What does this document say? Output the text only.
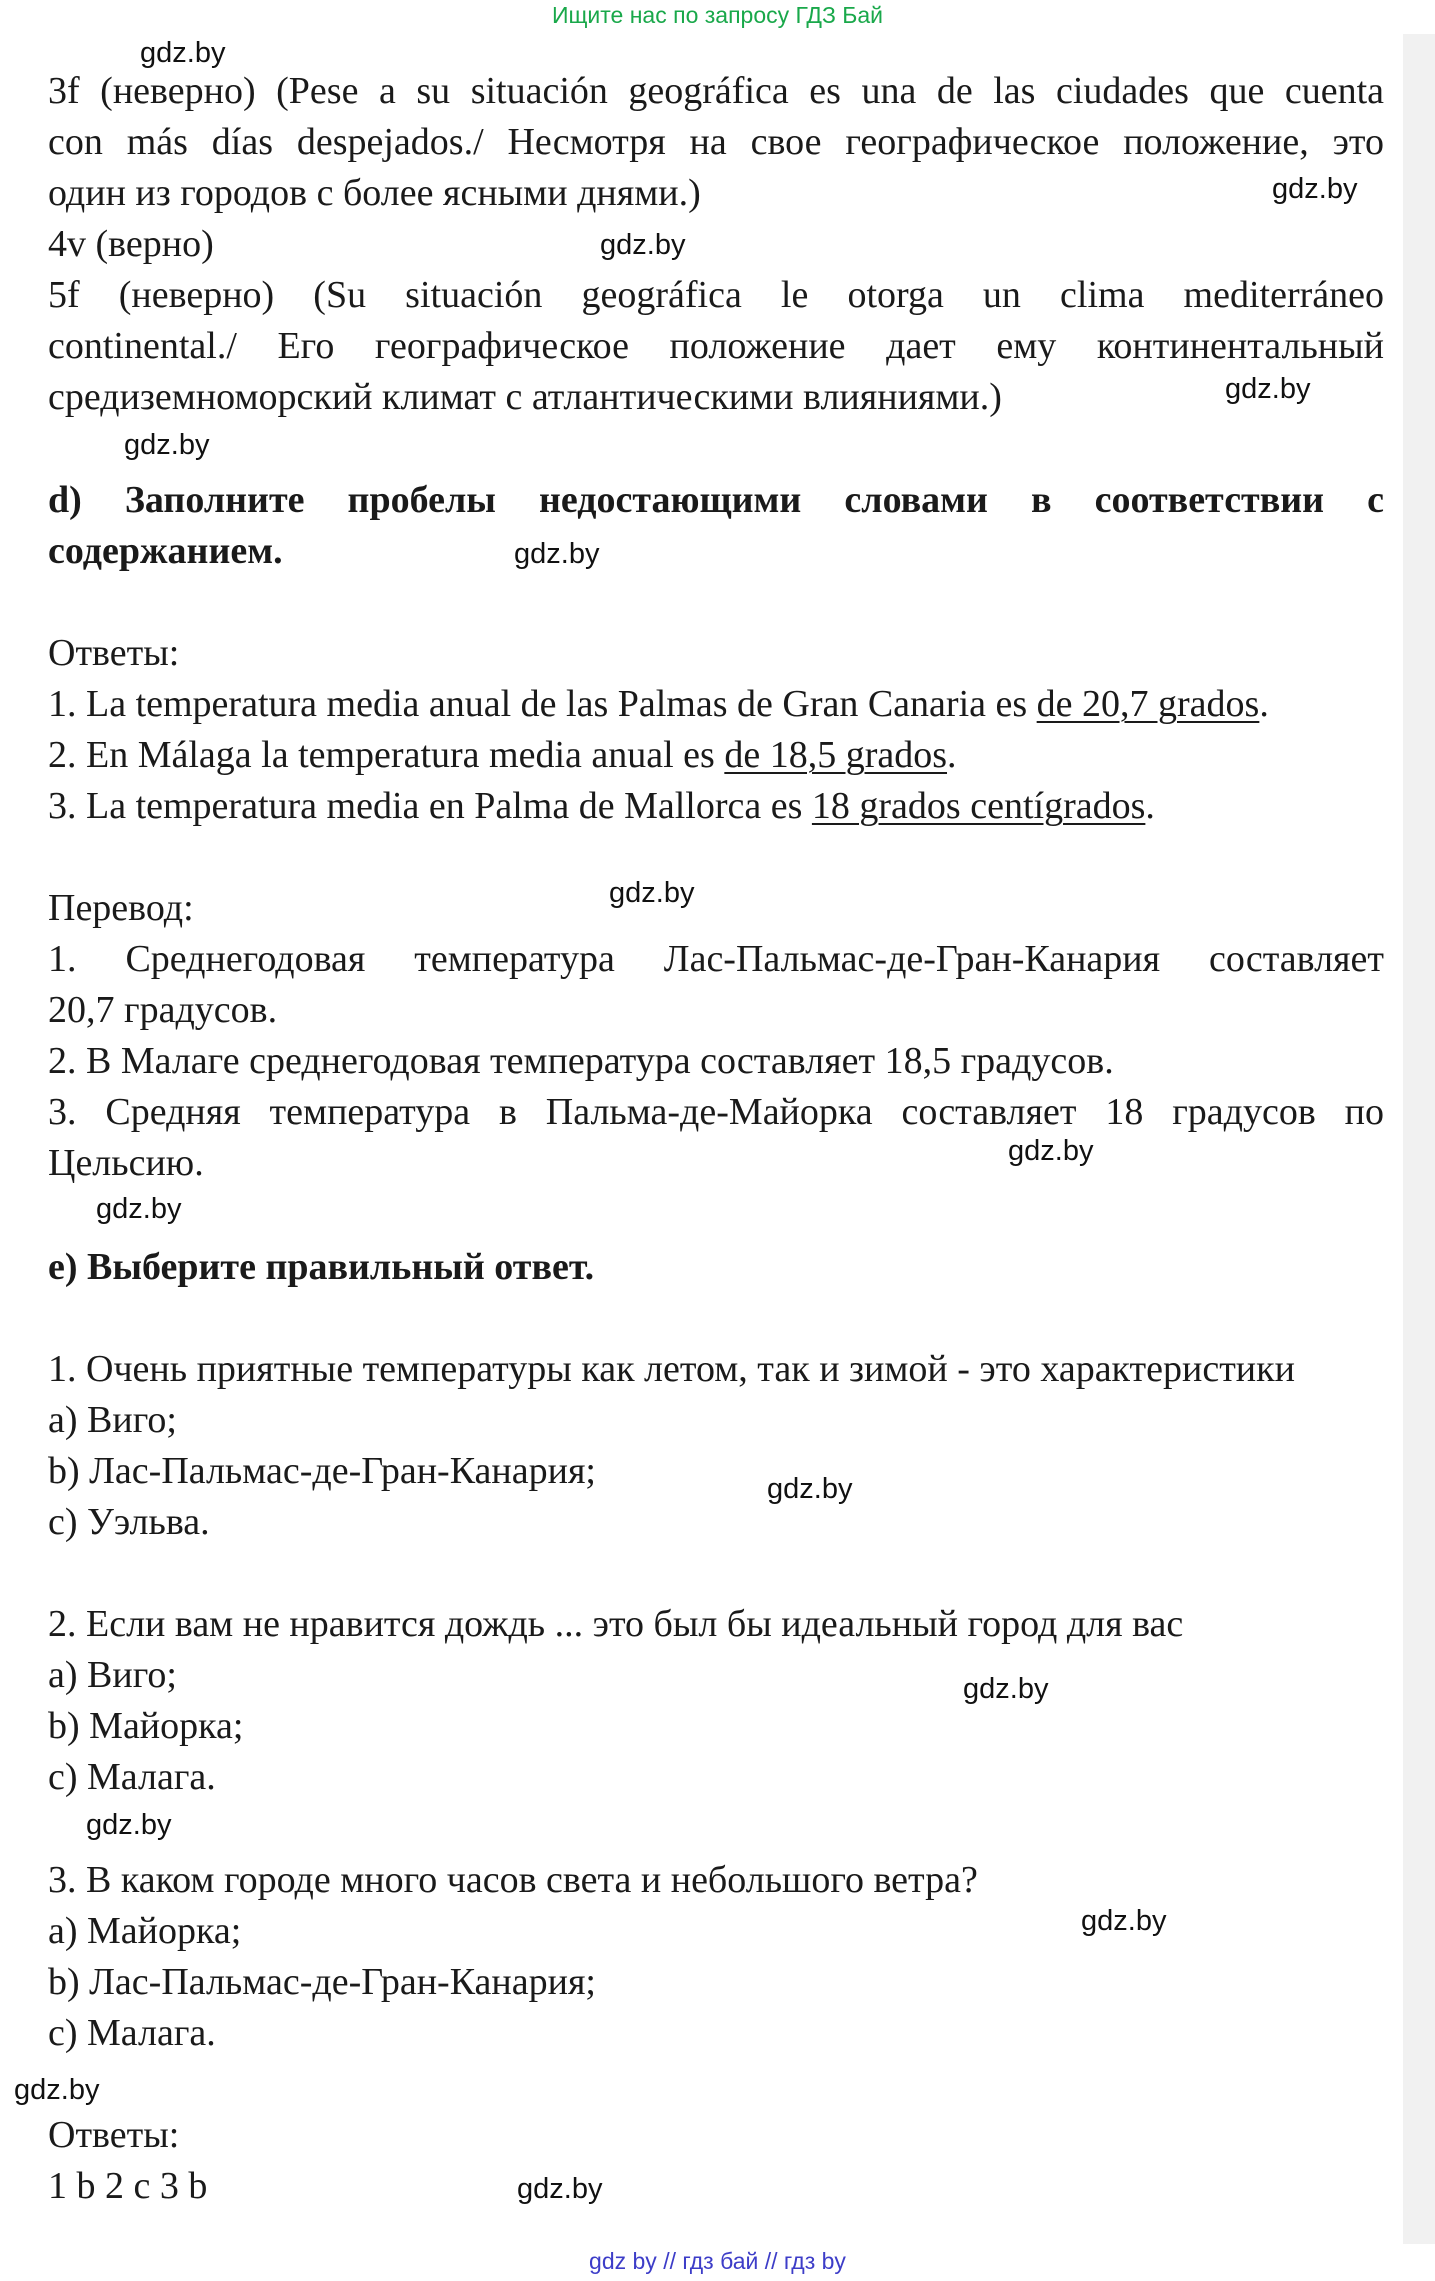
Ищите нас по запросу ГДЗ Бай
3f (неверно) (Pese a su situación geográfica es una de las ciudades que cuenta
con más días despejados./ Несмотря на свое географическое положение, это
один из городов с более ясными днями.)
4v (верно)
5f (неверно) (Su situación geográfica le otorga un clima mediterráneo
continental./ Его географическое положение дает ему континентальный
средиземноморский климат с атлантическими влияниями.)
d) Заполните пробелы недостающими словами в соответствии с
содержанием.
Ответы:
1. La temperatura media anual de las Palmas de Gran Canaria es de 20,7 grados.
2. En Málaga la temperatura media anual es de 18,5 grados.
3. La temperatura media en Palma de Mallorca es 18 grados centígrados.
Перевод:
1. Среднегодовая температура Лас-Пальмас-де-Гран-Канария составляет
20,7 градусов.
2. В Малаге среднегодовая температура составляет 18,5 градусов.
3. Средняя температура в Пальма-де-Майорка составляет 18 градусов по
Цельсию.
e) Выберите правильный ответ.
1. Очень приятные температуры как летом, так и зимой - это характеристики
a) Виго;
b) Лас-Пальмас-де-Гран-Канария;
c) Уэльва.
2. Если вам не нравится дождь ... это был бы идеальный город для вас
a) Виго;
b) Майорка;
c) Малага.
3. В каком городе много часов света и небольшого ветра?
a) Майорка;
b) Лас-Пальмас-де-Гран-Канария;
c) Малага.
Ответы:
1 b 2 c 3 b
gdz.by
gdz.by
gdz.by
gdz.by
gdz.by
gdz.by
gdz.by
gdz.by
gdz.by
gdz.by
gdz.by
gdz.by
gdz.by
gdz.by
gdz.by
gdz by // гдз бай // гдз by
